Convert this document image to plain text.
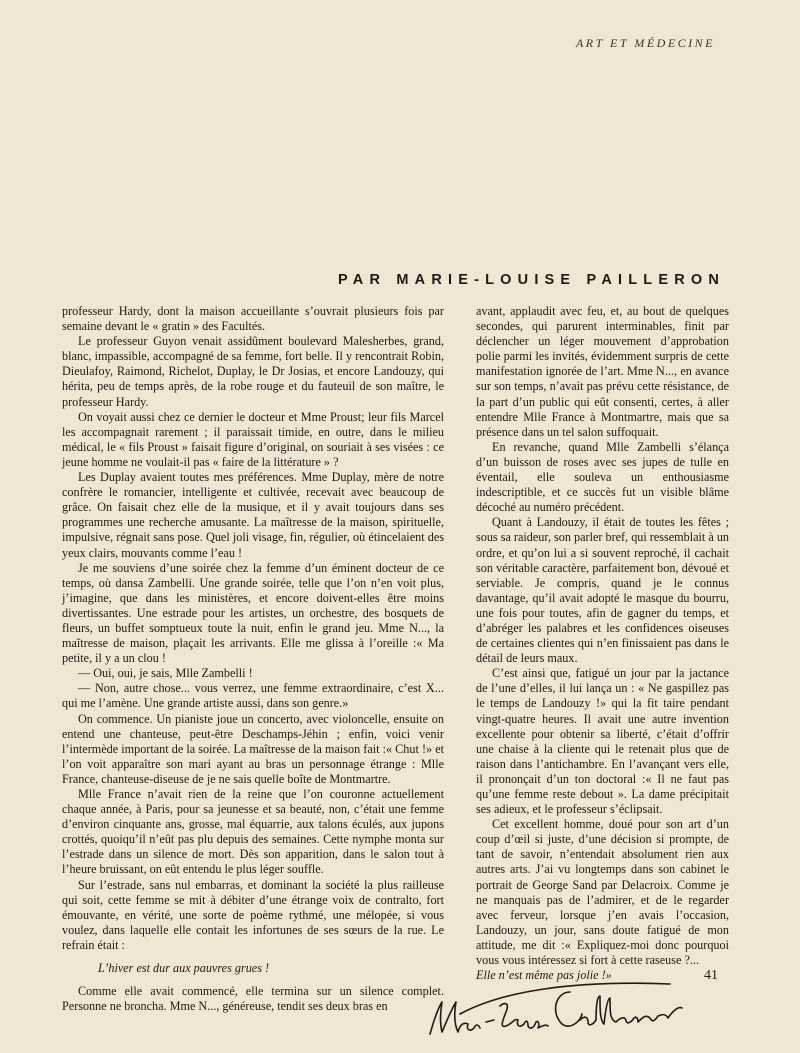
ART ET MÉDECINE
PAR MARIE-LOUISE PAILLERON

professeur Hardy, dont la maison accueillante s’ouvrait plusieurs fois par semaine devant le « gratin » des Facultés.

Le professeur Guyon venait assidûment boulevard Malesherbes, grand, blanc, impassible, accompagné de sa femme, fort belle. Il y rencontrait Robin, Dieulafoy, Raimond, Richelot, Duplay, le Dr Josias, et encore Landouzy, qui hérita, peu de temps après, de la robe rouge et du fauteuil de son maître, le professeur Hardy.

On voyait aussi chez ce dernier le docteur et Mme Proust; leur fils Marcel les accompagnait rarement ; il paraissait timide, en outre, dans le milieu médical, le « fils Proust » faisait figure d’original, on souriait à ses visées : ce jeune homme ne voulait-il pas « faire de la littérature » ?

Les Duplay avaient toutes mes préférences. Mme Duplay, mère de notre confrère le romancier, intelligente et cultivée, recevait avec beaucoup de grâce. On faisait chez elle de la musique, et il y avait toujours dans ses programmes une recherche amusante. La maîtresse de la maison, spirituelle, impulsive, régnait sans pose. Quel joli visage, fin, régulier, où étincelaient des yeux clairs, mouvants comme l’eau !

Je me souviens d’une soirée chez la femme d’un éminent docteur de ce temps, où dansa Zambelli. Une grande soirée, telle que l’on n’en voit plus, j’imagine, que dans les ministères, et encore doivent-elles être moins divertissantes. Une estrade pour les artistes, un orchestre, des bosquets de fleurs, un buffet somptueux toute la nuit, enfin le grand jeu. Mme N..., la maîtresse de maison, plaçait les arrivants. Elle me glissa à l’oreille :« Ma petite, il y a un clou !

— Oui, oui, je sais, Mlle Zambelli !

— Non, autre chose... vous verrez, une femme extraordinaire, c’est X... qui me l’amène. Une grande artiste aussi, dans son genre.»

On commence. Un pianiste joue un concerto, avec violoncelle, ensuite on entend une chanteuse, peut-être Deschamps-Jéhin ; enfin, voici venir l’intermède important de la soirée. La maîtresse de la maison fait :« Chut !» et l’on voit apparaître son mari ayant au bras un personnage étrange : Mlle France, chanteuse-diseuse de je ne sais quelle boîte de Montmartre.

Mlle France n’avait rien de la reine que l’on couronne actuellement chaque année, à Paris, pour sa jeunesse et sa beauté, non, c’était une femme d’environ cinquante ans, grosse, mal équarrie, aux talons éculés, aux jupons crottés, quoiqu’il n’eût pas plu depuis des semaines. Cette nymphe monta sur l’estrade dans un silence de mort. Dès son apparition, dans le salon tout à l’heure bruissant, on eût entendu le plus léger souffle.

Sur l’estrade, sans nul embarras, et dominant la société la plus railleuse qui soit, cette femme se mit à débiter d’une étrange voix de contralto, fort émouvante, en vérité, une sorte de poème rythmé, une mélopée, si vous voulez, dans laquelle elle contait les infortunes de ses sœurs de la rue. Le refrain était :

L’hiver est dur aux pauvres grues !

Comme elle avait commencé, elle termina sur un silence complet. Personne ne broncha. Mme N..., généreuse, tendit ses deux bras en

avant, applaudit avec feu, et, au bout de quelques secondes, qui parurent interminables, finit par déclencher un léger mouvement d’approbation polie parmi les invités, évidemment surpris de cette manifestation ignorée de l’art. Mme N..., en avance sur son temps, n’avait pas prévu cette résistance, de la part d’un public qui eût consenti, certes, à aller entendre Mlle France à Montmartre, mais que sa présence dans un tel salon suffoquait.

En revanche, quand Mlle Zambelli s’élança d’un buisson de roses avec ses jupes de tulle en éventail, elle souleva un enthousiasme indescriptible, et ce succès fut un visible blâme décoché au numéro précédent.

Quant à Landouzy, il était de toutes les fêtes ; sous sa raideur, son parler bref, qui ressemblait à un ordre, et qu’on lui a si souvent reproché, il cachait son véritable caractère, parfaitement bon, dévoué et serviable. Je compris, quand je le connus davantage, qu’il avait adopté le masque du bourru, une fois pour toutes, afin de gagner du temps, et d’abréger les palabres et les confidences oiseuses de certaines clientes qui n’en finissaient pas dans le détail de leurs maux.

C’est ainsi que, fatigué un jour par la jactance de l’une d’elles, il lui lança un : « Ne gaspillez pas le temps de Landouzy !» qui la fit taire pendant vingt-quatre heures. Il avait une autre invention excellente pour obtenir sa liberté, c’était d’offrir une chaise à la cliente qui le retenait plus que de raison dans l’antichambre. En l’avançant vers elle, il prononçait d’un ton doctoral :« Il ne faut pas qu’une femme reste debout ». La dame précipitait ses adieux, et le professeur s’éclipsait.

Cet excellent homme, doué pour son art d’un coup d’œil si juste, d’une décision si prompte, de tant de savoir, n’entendait absolument rien aux autres arts. J’ai vu longtemps dans son cabinet le portrait de George Sand par Delacroix. Comme je ne manquais pas de l’admirer, et de le regarder avec ferveur, lorsque j’en avais l’occasion, Landouzy, un jour, sans doute fatigué de mon attitude, me dit :« Expliquez-moi donc pourquoi vous vous intéressez si fort à cette raseuse ?...

Elle n’est même pas jolie !»	41
